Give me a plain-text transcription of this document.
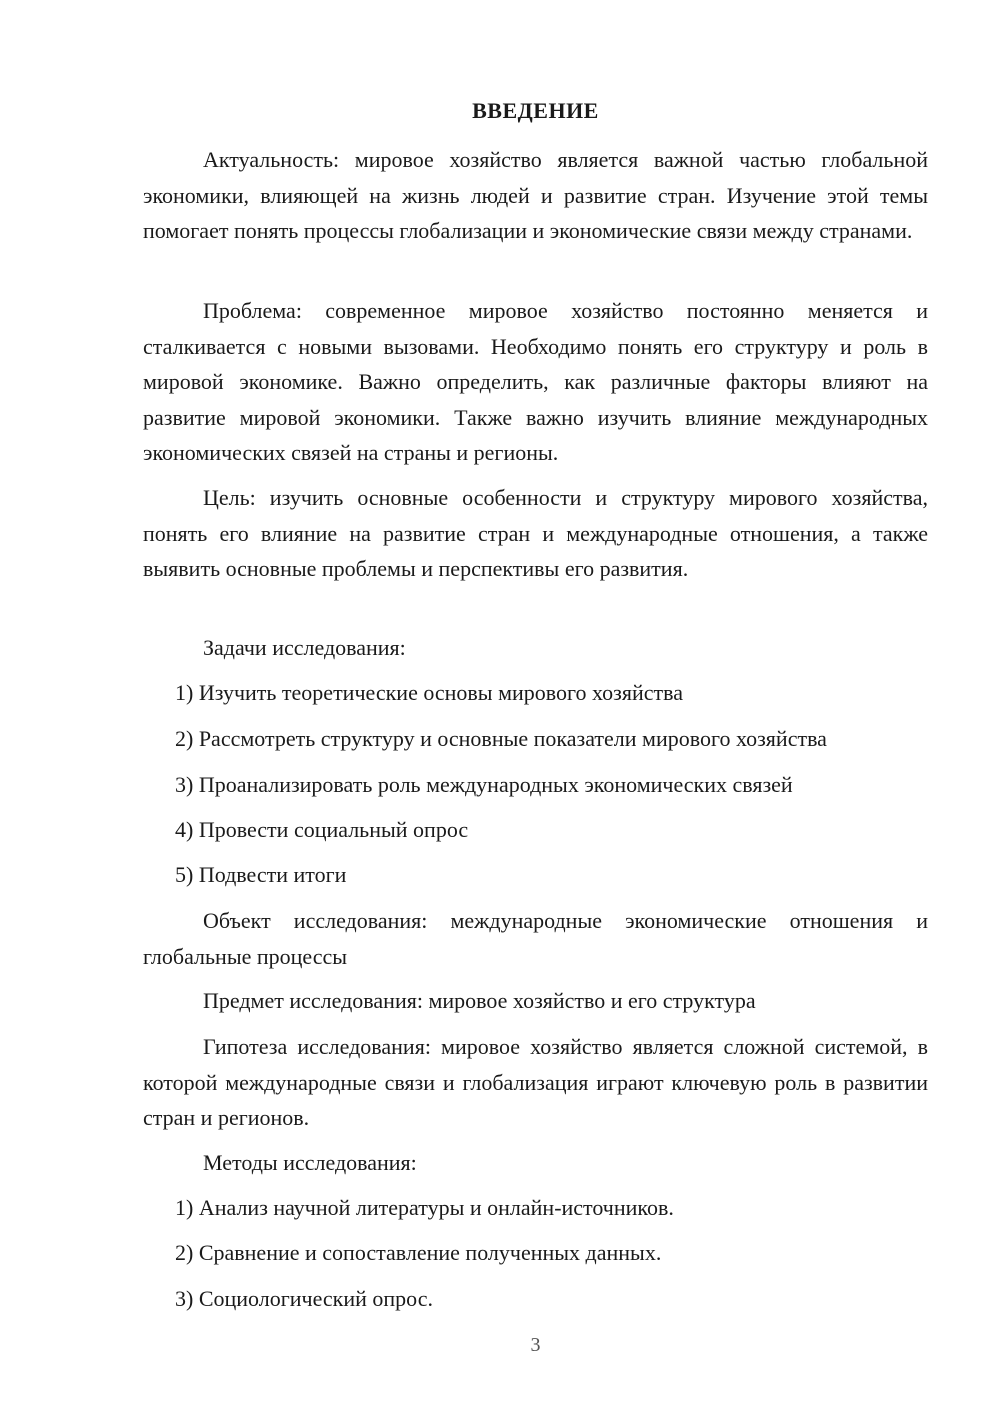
ВВЕДЕНИЕ

Актуальность: мировое хозяйство является важной частью глобальной экономики, влияющей на жизнь людей и развитие стран. Изучение этой темы помогает понять процессы глобализации и экономические связи между странами.

Проблема: современное мировое хозяйство постоянно меняется и сталкивается с новыми вызовами. Необходимо понять его структуру и роль в мировой экономике. Важно определить, как различные факторы влияют на развитие мировой экономики. Также важно изучить влияние международных экономических связей на страны и регионы.

Цель: изучить основные особенности и структуру мирового хозяйства, понять его влияние на развитие стран и международные отношения, а также выявить основные проблемы и перспективы его развития.

Задачи исследования:

1) Изучить теоретические основы мирового хозяйства

2) Рассмотреть структуру и основные показатели мирового хозяйства

3) Проанализировать роль международных экономических связей

4) Провести социальный опрос

5) Подвести итоги

Объект исследования: международные экономические отношения и глобальные процессы

Предмет исследования: мировое хозяйство и его структура

Гипотеза исследования: мировое хозяйство является сложной системой, в которой международные связи и глобализация играют ключевую роль в развитии стран и регионов.

Методы исследования:

1) Анализ научной литературы и онлайн-источников.

2) Сравнение и сопоставление полученных данных.

3) Социологический опрос.

3
